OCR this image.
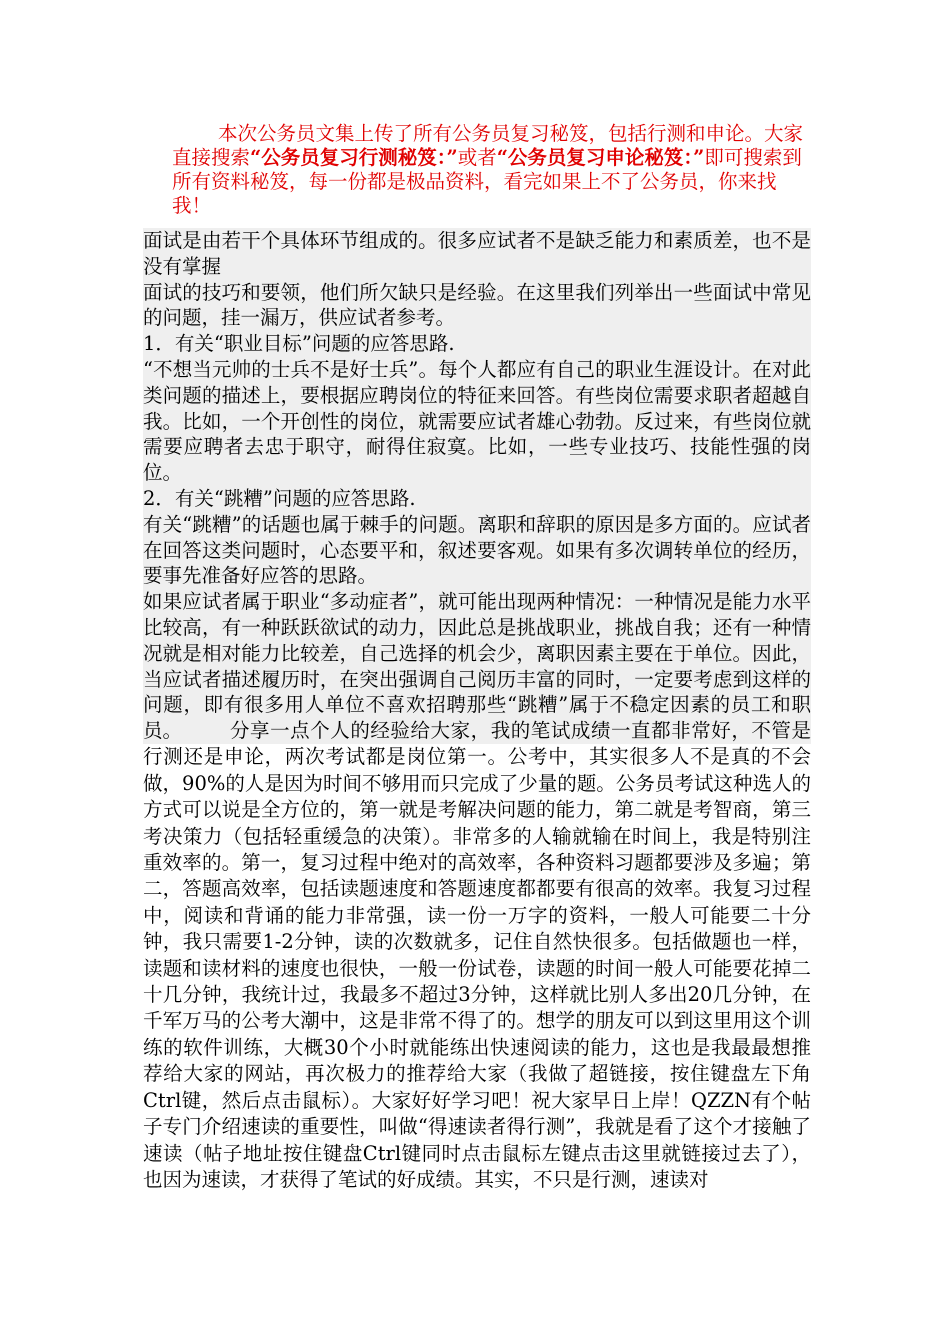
本次公务员文集上传了所有公务员复习秘笈，包括行测和申论。大家直接搜索“公务员复习行测秘笈：”或者“公务员复习申论秘笈：”即可搜索到所有资料秘笈，每一份都是极品资料，看完如果上不了公务员，你来找我！

面试是由若干个具体环节组成的。很多应试者不是缺乏能力和素质差，也不是没有掌握

面试的技巧和要领，他们所欠缺只是经验。在这里我们列举出一些面试中常见的问题，挂一漏万，供应试者参考。

1．有关“职业目标”问题的应答思路.

“不想当元帅的士兵不是好士兵”。每个人都应有自己的职业生涯设计。在对此类问题的描述上，要根据应聘岗位的特征来回答。有些岗位需要求职者超越自我。比如，一个开创性的岗位，就需要应试者雄心勃勃。反过来，有些岗位就需要应聘者去忠于职守，耐得住寂寞。比如，一些专业技巧、技能性强的岗位。

2．有关“跳糟”问题的应答思路.

有关“跳糟”的话题也属于棘手的问题。离职和辞职的原因是多方面的。应试者在回答这类问题时，心态要平和，叙述要客观。如果有多次调转单位的经历，要事先准备好应答的思路。

如果应试者属于职业“多动症者”，就可能出现两种情况：一种情况是能力水平比较高，有一种跃跃欲试的动力，因此总是挑战职业，挑战自我；还有一种情况就是相对能力比较差，自己选择的机会少，离职因素主要在于单位。因此，当应试者描述履历时，在突出强调自己阅历丰富的同时，一定要考虑到这样的问题，即有很多用人单位不喜欢招聘那些“跳糟”属于不稳定因素的员工和职员。	分享一点个人的经验给大家，我的笔试成绩一直都非常好，不管是行测还是申论，两次考试都是岗位第一。公考中，其实很多人不是真的不会做，90%的人是因为时间不够用而只完成了少量的题。公务员考试这种选人的方式可以说是全方位的，第一就是考解决问题的能力，第二就是考智商，第三考决策力（包括轻重缓急的决策）。非常多的人输就输在时间上，我是特别注重效率的。第一，复习过程中绝对的高效率，各种资料习题都要涉及多遍；第二，答题高效率，包括读题速度和答题速度都都要有很高的效率。我复习过程中，阅读和背诵的能力非常强，读一份一万字的资料，一般人可能要二十分钟，我只需要1-2分钟，读的次数就多，记住自然快很多。包括做题也一样，读题和读材料的速度也很快，一般一份试卷，读题的时间一般人可能要花掉二十几分钟，我统计过，我最多不超过3分钟，这样就比别人多出20几分钟，在千军万马的公考大潮中，这是非常不得了的。想学的朋友可以到这里用这个训练的软件训练，大概30个小时就能练出快速阅读的能力，这也是我最最想推荐给大家的网站，再次极力的推荐给大家（我做了超链接，按住键盘左下角Ctrl键，然后点击鼠标）。大家好好学习吧！祝大家早日上岸！QZZN有个帖子专门介绍速读的重要性，叫做“得速读者得行测”，我就是看了这个才接触了速读（帖子地址按住键盘Ctrl键同时点击鼠标左键点击这里就链接过去了），也因为速读，才获得了笔试的好成绩。其实，不只是行测，速读对
